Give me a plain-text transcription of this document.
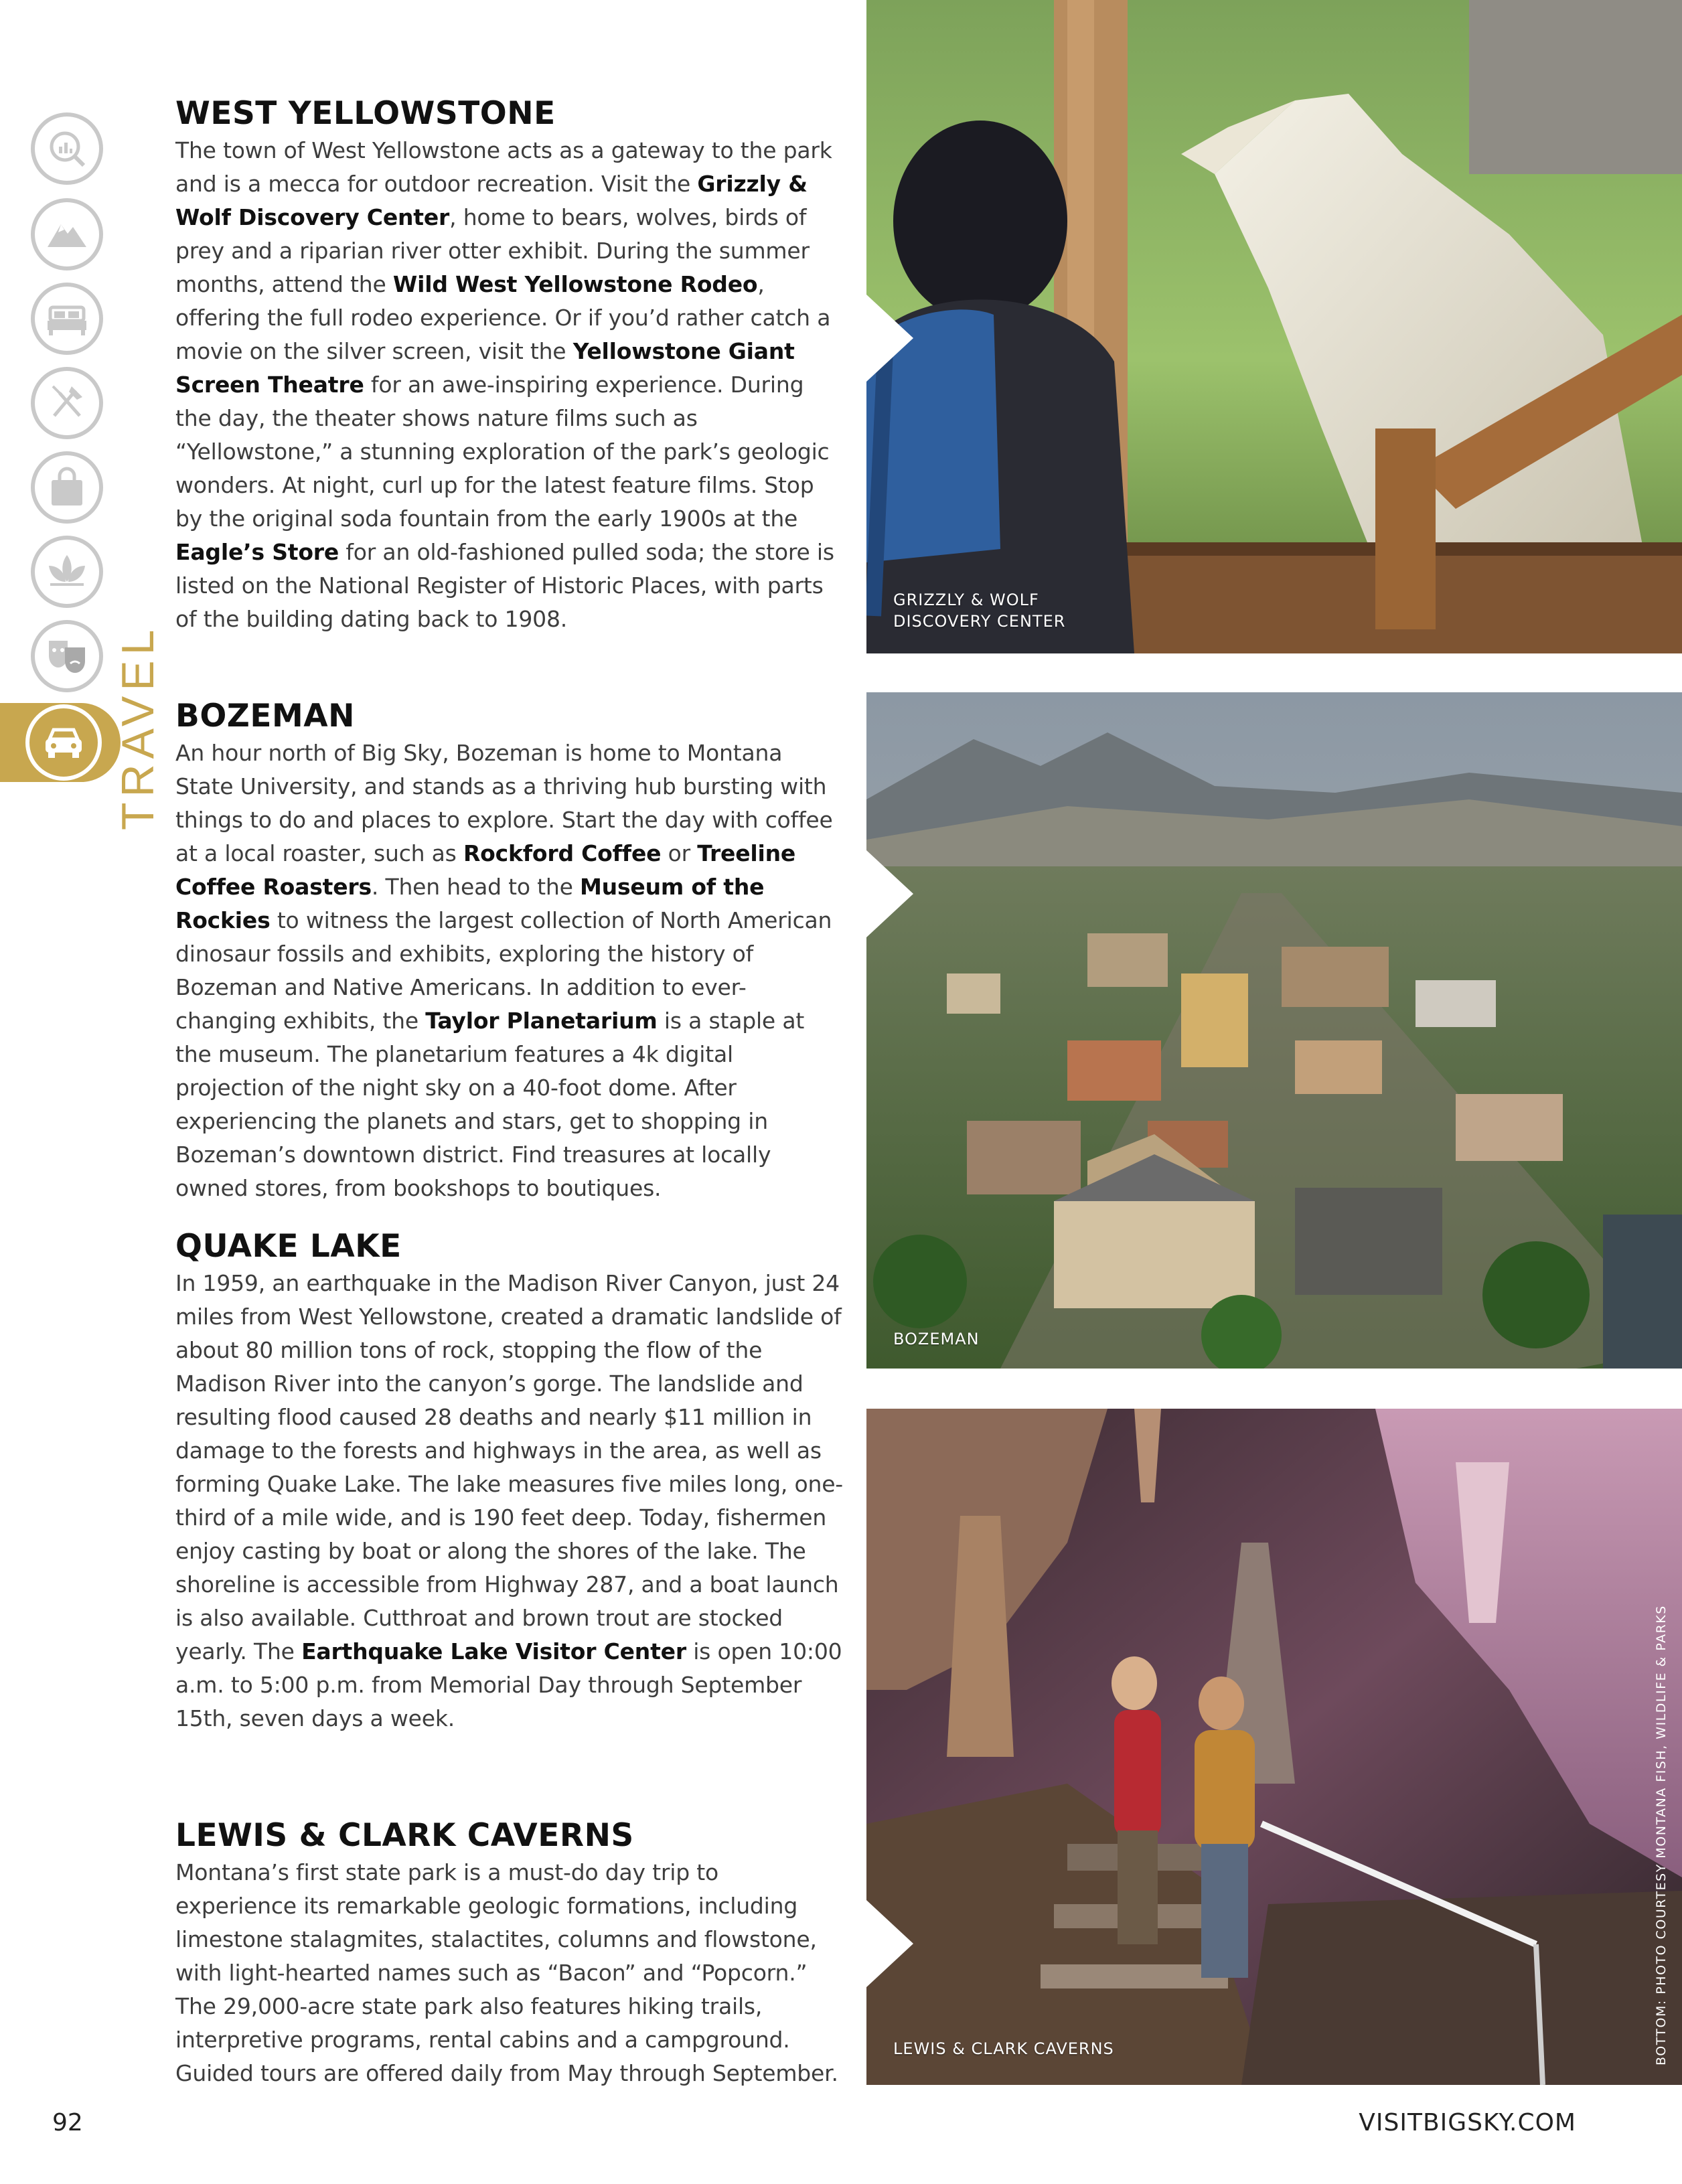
TRAVEL
WEST YELLOWSTONE

The town of West Yellowstone acts as a gateway to the park and is a mecca for outdoor recreation. Visit the Grizzly & Wolf Discovery Center, home to bears, wolves, birds of prey and a riparian river otter exhibit. During the summer months, attend the Wild West Yellowstone Rodeo, offering the full rodeo experience. Or if you’d rather catch a movie on the silver screen, visit the Yellowstone Giant Screen Theatre for an awe-inspiring experience. During the day, the theater shows nature films such as “Yellowstone,” a stunning exploration of the park’s geologic wonders. At night, curl up for the latest feature films. Stop by the original soda fountain from the early 1900s at the Eagle’s Store for an old-fashioned pulled soda; the store is listed on the National Register of Historic Places, with parts of the building dating back to 1908.

BOZEMAN

An hour north of Big Sky, Bozeman is home to Montana State University, and stands as a thriving hub bursting with things to do and places to explore. Start the day with coffee at a local roaster, such as Rockford Coffee or Treeline Coffee Roasters. Then head to the Museum of the Rockies to witness the largest collection of North American dinosaur fossils and exhibits, exploring the history of Bozeman and Native Americans. In addition to ever-changing exhibits, the Taylor Planetarium is a staple at the museum. The planetarium features a 4k digital projection of the night sky on a 40-foot dome. After experiencing the planets and stars, get to shopping in Bozeman’s downtown district. Find treasures at locally owned stores, from bookshops to boutiques.

QUAKE LAKE

In 1959, an earthquake in the Madison River Canyon, just 24 miles from West Yellowstone, created a dramatic landslide of about 80 million tons of rock, stopping the flow of the Madison River into the canyon’s gorge. The landslide and resulting flood caused 28 deaths and nearly $11 million in damage to the forests and highways in the area, as well as forming Quake Lake. The lake measures five miles long, one-third of a mile wide, and is 190 feet deep. Today, fishermen enjoy casting by boat or along the shores of the lake. The shoreline is accessible from Highway 287, and a boat launch is also available. Cutthroat and brown trout are stocked yearly. The Earthquake Lake Visitor Center is open 10:00 a.m. to 5:00 p.m. from Memorial Day through September 15th, seven days a week.

LEWIS & CLARK CAVERNS

Montana’s first state park is a must-do day trip to experience its remarkable geologic formations, including limestone stalagmites, stalactites, columns and flowstone, with light-hearted names such as “Bacon” and “Popcorn.” The 29,000-acre state park also features hiking trails, interpretive programs, rental cabins and a campground. Guided tours are offered daily from May through September.

GRIZZLY & WOLF
DISCOVERY CENTER
BOZEMAN
LEWIS & CLARK CAVERNS	BOTTOM: PHOTO COURTESY MONTANA FISH, WILDLIFE & PARKS
92	VISITBIGSKY.COM
